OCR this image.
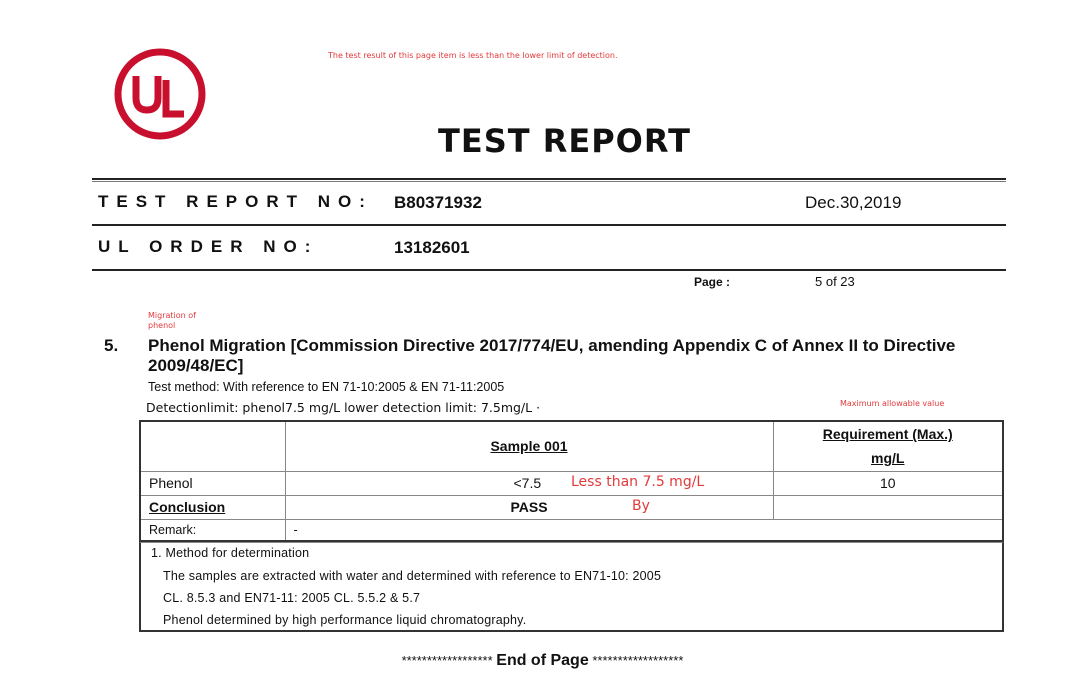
The test result of this page item is less than the lower limit of detection.
TEST REPORT
TEST REPORT NO: B80371932	Dec.30,2019
UL ORDER NO:	13182601
Page :	5 of 23
Migration of phenol
5. Phenol Migration [Commission Directive 2017/774/EU, amending Appendix C of Annex II to Directive 2009/48/EC]
Test method: With reference to EN 71-10:2005 & EN 71-11:2005
Detectionlimit: phenol7.5 mg/L lower detection limit: 7.5mg/L ·	Maximum allowable value
	Sample 001	Requirement (Max.)
mg/L
Phenol	<7.5	10
Conclusion	PASS	
Remark:	-	
Less than 7.5 mg/L
By
1. Method for determination
The samples are extracted with water and determined with reference to EN71-10: 2005
CL. 8.5.3 and EN71-11: 2005 CL. 5.5.2 & 5.7
Phenol determined by high performance liquid chromatography.
****************** End of Page ******************
